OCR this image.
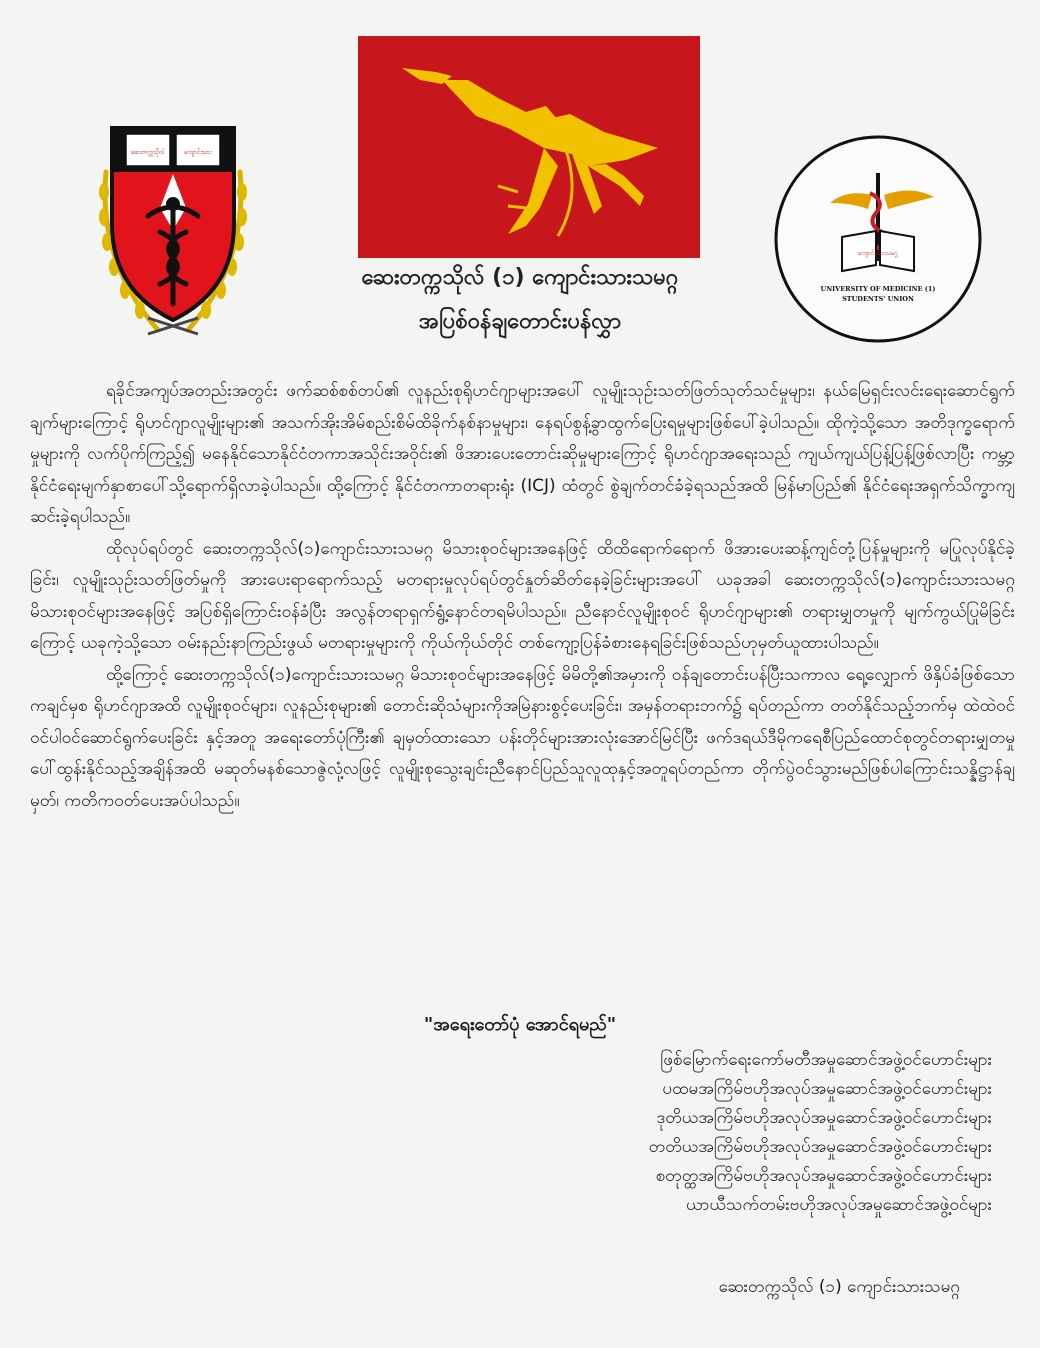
ဆေးတက္ကသိုလ်	ကျောင်းသား
ကျောင်းသားသမဂ္ဂ
UNIVERSITY OF MEDICINE (1)
STUDENTS' UNION
ဆေးတက္ကသိုလ် (၁) ကျောင်းသားသမဂ္ဂ
အပြစ်ဝန်ချတောင်းပန်လွှာ

ရခိုင်အကျပ်အတည်းအတွင်း ဖက်ဆစ်စစ်တပ်၏ လူနည်းစုရိုဟင်ဂျာများအပေါ် လူမျိုးသုဉ်းသတ်ဖြတ်သုတ်သင်မှုများ၊ နယ်မြေရှင်းလင်းရေးဆောင်ရွက်ချက်များကြောင့် ရိုဟင်ဂျာလူမျိုးများ၏ အသက်အိုးအိမ်စည်းစိမ်ထိခိုက်နစ်နာမှုများ၊ နေရပ်စွန့်ခွာထွက်ပြေးရမှုများဖြစ်ပေါ်ခဲ့ပါသည်။ ထိုကဲ့သို့သော အတိဒုက္ခရောက်မှုများကို လက်ပိုက်ကြည့်၍ မနေနိုင်သောနိုင်ငံတကာအသိုင်းအဝိုင်း၏ ဖိအားပေးတောင်းဆိုမှုများကြောင့် ရိုဟင်ဂျာအရေးသည် ကျယ်ကျယ်ပြန့်ပြန့်ဖြစ်လာပြီး ကမ္ဘာ့နိုင်ငံရေးမျက်နှာစာပေါ်သို့ရောက်ရှိလာခဲ့ပါသည်။ ထို့ကြောင့် နိုင်ငံတကာတရားရုံး (ICJ) ထံတွင် စွဲချက်တင်ခံခဲ့ရသည်အထိ မြန်မာပြည်၏ နိုင်ငံရေးအရှက်သိက္ခာကျဆင်းခဲ့ရပါသည်။

ထိုလုပ်ရပ်တွင် ဆေးတက္ကသိုလ်(၁)ကျောင်းသားသမဂ္ဂ မိသားစုဝင်များအနေဖြင့် ထိထိရောက်ရောက် ဖိအားပေးဆန့်ကျင်တုံ့ပြန်မှုများကို မပြုလုပ်နိုင်ခဲ့ခြင်း၊ လူမျိုးသုဉ်းသတ်ဖြတ်မှုကို အားပေးရာရောက်သည့် မတရားမှုလုပ်ရပ်တွင်နှုတ်ဆိတ်နေခဲ့ခြင်းများအပေါ် ယခုအခါ ဆေးတက္ကသိုလ်(၁)ကျောင်းသားသမဂ္ဂမိသားစုဝင်များအနေဖြင့် အပြစ်ရှိကြောင်းဝန်ခံပြီး အလွန်တရာရှက်ရွံ့နောင်တရမိပါသည်။ ညီနောင်လူမျိုးစုဝင် ရိုဟင်ဂျာများ၏ တရားမျှတမှုကို မျက်ကွယ်ပြုမိခြင်းကြောင့် ယခုကဲ့သို့သော ဝမ်းနည်းနာကြည်းဖွယ် မတရားမှုများကို ကိုယ်ကိုယ်တိုင် တစ်ကျော့ပြန်ခံစားနေရခြင်းဖြစ်သည်ဟုမှတ်ယူထားပါသည်။

ထို့ကြောင့် ဆေးတက္ကသိုလ်(၁)ကျောင်းသားသမဂ္ဂ မိသားစုဝင်များအနေဖြင့် မိမိတို့၏အမှားကို ဝန်ချတောင်းပန်ပြီးသကာလ ရေ့လျှောက် ဖိနှိပ်ခံဖြစ်သော ကချင်မှစ ရိုဟင်ဂျာအထိ လူမျိုးစုဝင်များ၊ လူနည်းစုများ၏ တောင်းဆိုသံများကိုအမြဲနားစွင့်ပေးခြင်း၊ အမှန်တရားဘက်၌ ရပ်တည်ကာ တတ်နိုင်သည့်ဘက်မှ ထဲထဲဝင်ဝင်ပါဝင်ဆောင်ရွက်ပေးခြင်း နှင့်အတူ အရေးတော်ပုံကြီး၏ ချမှတ်ထားသော ပန်းတိုင်များအားလုံးအောင်မြင်ပြီး ဖက်ဒရယ်ဒီမိုကရေစီပြည်ထောင်စုတွင်တရားမျှတမှုပေါ်ထွန်းနိုင်သည့်အချိန်အထိ မဆုတ်မနစ်သောဇွဲလုံ့လဖြင့် လူမျိုးစုသွေးချင်းညီနောင်ပြည်သူလူထုနှင့်အတူရပ်တည်ကာ တိုက်ပွဲဝင်သွားမည်ဖြစ်ပါကြောင်းသန္နိဋ္ဌာန်ချမှတ်၊ ကတိကဝတ်ပေးအပ်ပါသည်။

"အရေးတော်ပုံ အောင်ရမည်"
ဖြစ်မြောက်ရေးကော်မတီအမှုဆောင်အဖွဲ့ဝင်ဟောင်းများ
ပထမအကြိမ်ဗဟိုအလုပ်အမှုဆောင်အဖွဲ့ဝင်ဟောင်းများ
ဒုတိယအကြိမ်ဗဟိုအလုပ်အမှုဆောင်အဖွဲ့ဝင်ဟောင်းများ
တတိယအကြိမ်ဗဟိုအလုပ်အမှုဆောင်အဖွဲ့ဝင်ဟောင်းများ
စတုတ္ထအကြိမ်ဗဟိုအလုပ်အမှုဆောင်အဖွဲ့ဝင်ဟောင်းများ
ယာယီသက်တမ်းဗဟိုအလုပ်အမှုဆောင်အဖွဲ့ဝင်များ
ဆေးတက္ကသိုလ် (၁) ကျောင်းသားသမဂ္ဂ
